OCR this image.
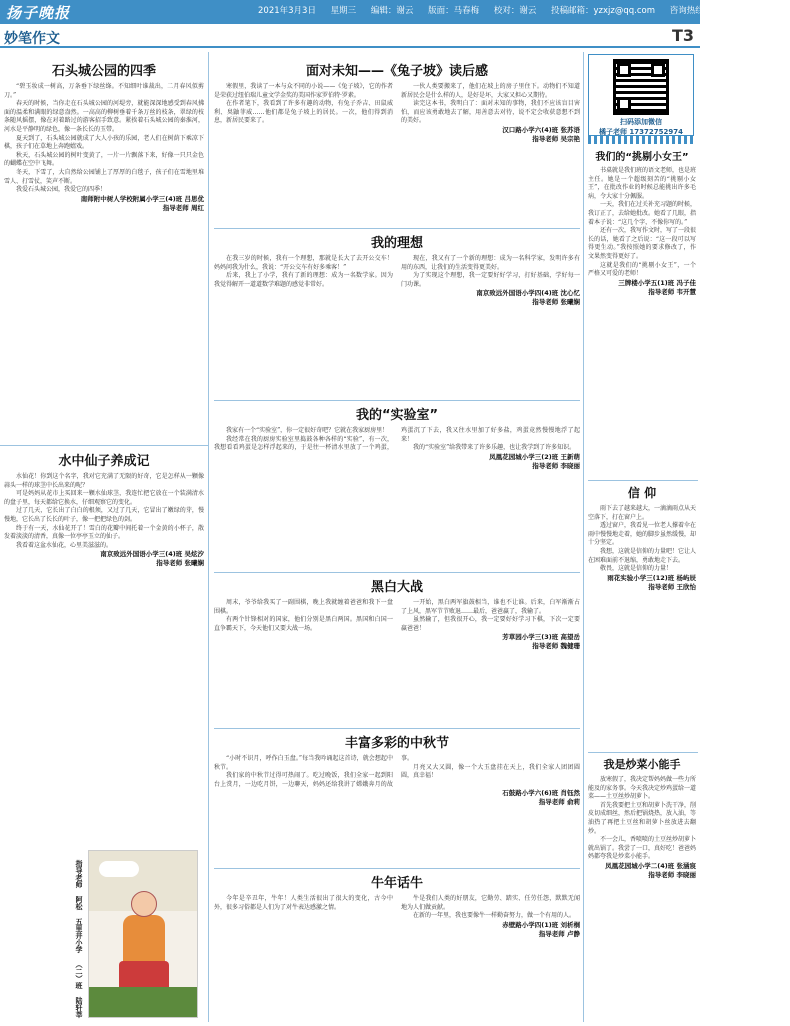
扬子晚报	2021年3月3日 星期三 编辑：谢云 版面：马春梅 校对：谢云 投稿邮箱：yzxjz@qq.com 咨询热线：(025)86279940
妙笔作文	T3
石头城公园的四季

“碧玉妆成一树高，万条垂下绿丝绦。不知细叶谁裁出，二月春风似剪刀。”

春天的时候，当你走在石头城公园的河堤旁，就能深深地感受到春风拂面的温柔和满眼的绿意盎然。一高高的柳树垂着千条万丝的枝条，翠绿的枝条随风摇摆，像在对着路过的游客招手致意。紧挨着石头城公园的秦淮河，河水是平静明的绿色，像一条长长的玉带。

夏天到了，石头城公园就成了大人小孩的乐园，老人们在树荫下乘凉下棋，孩子们在草地上奔跑嬉戏。

秋天，石头城公园的树叶变黄了，一片一片飘落下来，好像一只只金色的蝴蝶在空中飞舞。

冬天，下雪了，大自然给公园铺上了厚厚的白毯子，孩子们在雪地里堆雪人、打雪仗，笑声不断。

我爱石头城公园，我爱它的四季！

南师附中树人学校附属小学三(4)班 吕思优
指导老师 周红
水中仙子养成记

水仙花！你到这个名字，我对它充满了无限的好奇，它是怎样从一颗像蒜头一样的球茎中长出来的呢？

可是妈妈从花市上买回来一颗水仙球茎，我连忙把它放在一个装满清水的盘子里，每天都给它换水，仔细观察它的变化。

过了几天，它长出了白白的根须，又过了几天，它冒出了嫩绿的芽，慢慢地，它长出了长长的叶子，像一把把绿色的剑。

终于有一天，水仙花开了！雪白的花瓣中间托着一个金黄的小杯子，散发着淡淡的清香，真像一位亭亭玉立的仙子。

我看着这盆水仙花，心里美滋滋的。

南京致远外国语小学三(4)班 吴炫汐
指导老师 张曦娴
指导老师 阿松 五里井小学 （二）班 陆轩莘
面对未知——《兔子坡》读后感

寒假里，我读了一本与众不同的小说——《兔子坡》，它的作者是荣获过纽伯瑞儿童文学金奖的美国作家罗伯特·罗素。

在作者笔下，我看到了许多有趣的动物，有兔子乔吉、田鼠威利、臭鼬菲威……他们都是兔子坡上的居民。一次，他们得到消息，新居民要来了。

一伙人类要搬来了，他们在坡上的房子里住下。动物们不知道新居民会是什么样的人，是好是坏，大家又担心又期待。

读完这本书，我明白了：面对未知的事物，我们不应该盲目害怕，而应该勇敢地去了解，用善意去对待，说不定会收获意想不到的美好。

汉口路小学六(4)班 张苏语
指导老师 吴宗艳
我的理想

在我三岁的时候，我有一个理想，那就是长大了去开公交车！妈妈问我为什么，我说：“开公交车有好多乘客！”

后来，我上了小学，我有了新的理想：成为一名数学家。因为我觉得解开一道道数学难题的感觉非常好。

现在，我又有了一个新的理想：成为一名科学家，发明许多有用的东西，让我们的生活变得更美好。

为了实现这个理想，我一定要好好学习，打好基础，学好每一门功课。

南京致远外国语小学四(4)班 沈心忆
指导老师 张曦娴
我的“实验室”

我家有一个“实验室”，你一定很好奇吧？它就在我家厨房里！

我经常在我的厨房实验室里捣鼓各种各样的“实验”，有一次，我想看看鸡蛋是怎样浮起来的，于是往一杯清水里放了一个鸡蛋，鸡蛋沉了下去，我又往水里加了好多盐，鸡蛋竟然慢慢地浮了起来！

我的“实验室”给我带来了许多乐趣，也让我学到了许多知识。

凤凰花园城小学三(2)班 王新萌
指导老师 李晓丽
黑白大战

周末，爷爷给我买了一副围棋，晚上我就缠着爸爸和我下一盘围棋。

有两个针锋相对的国家，他们分别是黑白两国。黑国和白国一直争霸天下，今天他们又要大战一场。

一开始，黑白两军旗鼓相当，谁也不让谁。后来，白军渐渐占了上风，黑军节节败退……最后，爸爸赢了，我输了。

虽然输了，但我很开心，我一定要好好学习下棋，下次一定要赢爸爸！

芳草园小学三(3)班 高望岳
指导老师 魏健珊
丰富多彩的中秋节

“小时不识月，呼作白玉盘。”每当我吟诵起这首诗，就会想起中秋节。

我们家的中秋节过得可热闹了。吃过晚饭，我们全家一起到阳台上赏月，一边吃月饼，一边聊天，妈妈还给我讲了嫦娥奔月的故事。

月亮又大又圆，像一个大玉盘挂在天上，我们全家人团团圆圆，真幸福！

石鼓路小学六(6)班 肖钰然
指导老师 俞莉
牛年话牛

今年是辛丑年，牛年！人类生活很出了很大的变化，古今中外，很多习俗都是人们为了对牛表达感激之情。

牛是我们人类的好朋友，它勤劳、踏实、任劳任怨，默默无闻地为人们做贡献。

在新的一年里，我也要像牛一样勤奋努力，做一个有用的人。

赤壁路小学四(1)班 刘析桐
指导老师 卢静
扫码添加微信
橘子老师 17372752974
我们的“挑剔小女王”

书桌就是我们班的语文老师，也是班主任。她是一个超级刻苦的“挑剔小女王”，在批改作业的时候总能挑出许多毛病，令大家十分佩服。

一天，我们在过关补充习题的时候，我订正了，去给她批改。她看了几眼，指着本子说：“这几个字，不像你写的。”

还有一次，我写作文时，写了一段很长的话，她看了之后说：“这一段可以写得更生动。”我按照她的要求修改了，作文果然变得更好了。

这就是我们的“挑剔小女王”，一个严格又可爱的老师！

三牌楼小学五(1)班 冯子佳
指导老师 韦开慧
信 仰

雨下去了越来越大，一滴滴雨点从天空落下，打在窗户上。

透过窗户，我看见一位老人撑着伞在雨中慢慢地走着，她的脚步虽然缓慢，却十分坚定。

我想，这就是信仰的力量吧！它让人在困难面前不退缩，勇敢地走下去。

敬畏，这就是信仰的力量！

雨花实验小学三(12)班 杨屿辰
指导老师 王欣怡
我是炒菜小能手

放寒假了，我决定帮妈妈做一些力所能及的家务事。今天我决定炒鸡蛋给一道菜——土豆丝炒胡萝卜。

首先我要把土豆和胡萝卜洗干净，削皮切成细丝，然后把锅烧热，放入油，等油热了再把土豆丝和胡萝卜丝放进去翻炒。

不一会儿，香喷喷的土豆丝炒胡萝卜就出锅了。我尝了一口，真好吃！爸爸妈妈都夸我是炒菜小能手。

凤凰花园城小学二(4)班 张涵宸
指导老师 李晓丽
